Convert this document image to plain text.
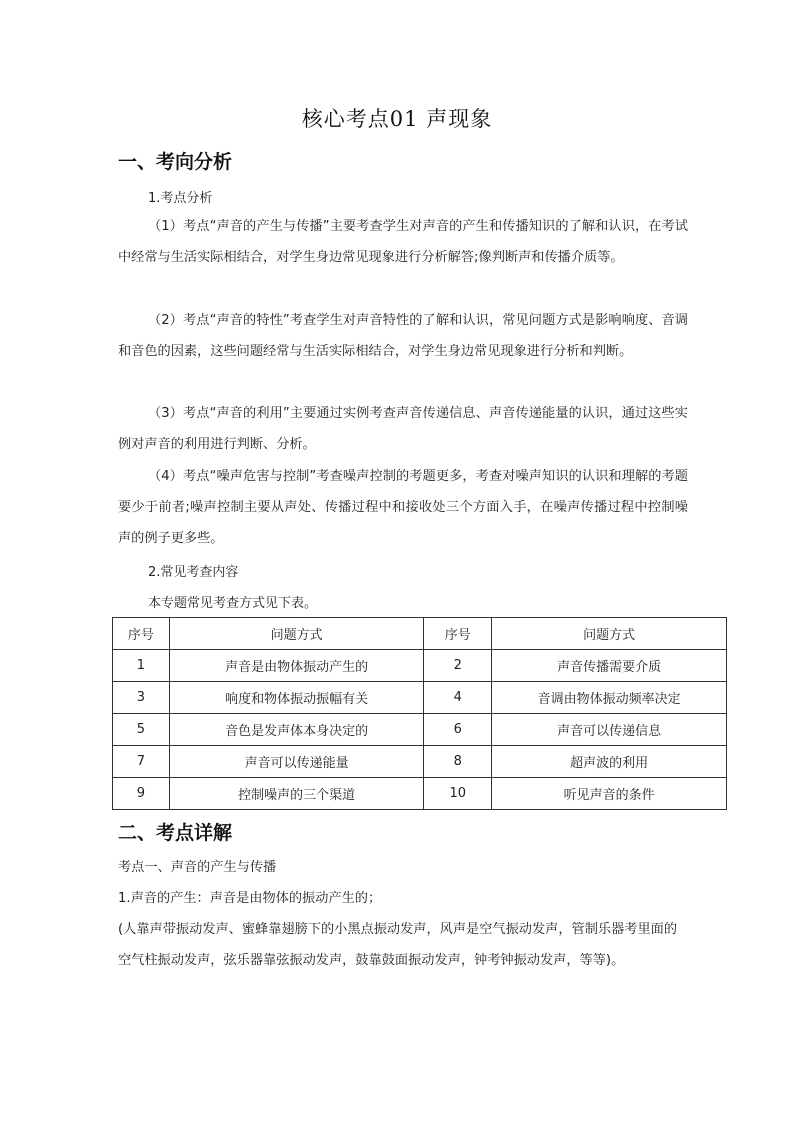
核心考点01 声现象
一、考向分析
1.考点分析
（1）考点“声音的产生与传播”主要考查学生对声音的产生和传播知识的了解和认识，在考试中经常与生活实际相结合，对学生身边常见现象进行分析解答;像判断声和传播介质等。
（2）考点“声音的特性”考查学生对声音特性的了解和认识，常见问题方式是影响响度、音调和音色的因素，这些问题经常与生活实际相结合，对学生身边常见现象进行分析和判断。
（3）考点“声音的利用”主要通过实例考查声音传递信息、声音传递能量的认识，通过这些实例对声音的利用进行判断、分析。
（4）考点“噪声危害与控制”考查噪声控制的考题更多，考查对噪声知识的认识和理解的考题要少于前者;噪声控制主要从声处、传播过程中和接收处三个方面入手，在噪声传播过程中控制噪声的例子更多些。
2.常见考查内容
本专题常见考查方式见下表。
序号	问题方式	序号	问题方式
1	声音是由物体振动产生的	2	声音传播需要介质
3	响度和物体振动振幅有关	4	音调由物体振动频率决定
5	音色是发声体本身决定的	6	声音可以传递信息
7	声音可以传递能量	8	超声波的利用
9	控制噪声的三个渠道	10	听见声音的条件
二、考点详解
考点一、声音的产生与传播
1.声音的产生：声音是由物体的振动产生的；
(人靠声带振动发声、蜜蜂靠翅膀下的小黑点振动发声，风声是空气振动发声，管制乐器考里面的空气柱振动发声，弦乐器靠弦振动发声，鼓靠鼓面振动发声，钟考钟振动发声，等等)。
